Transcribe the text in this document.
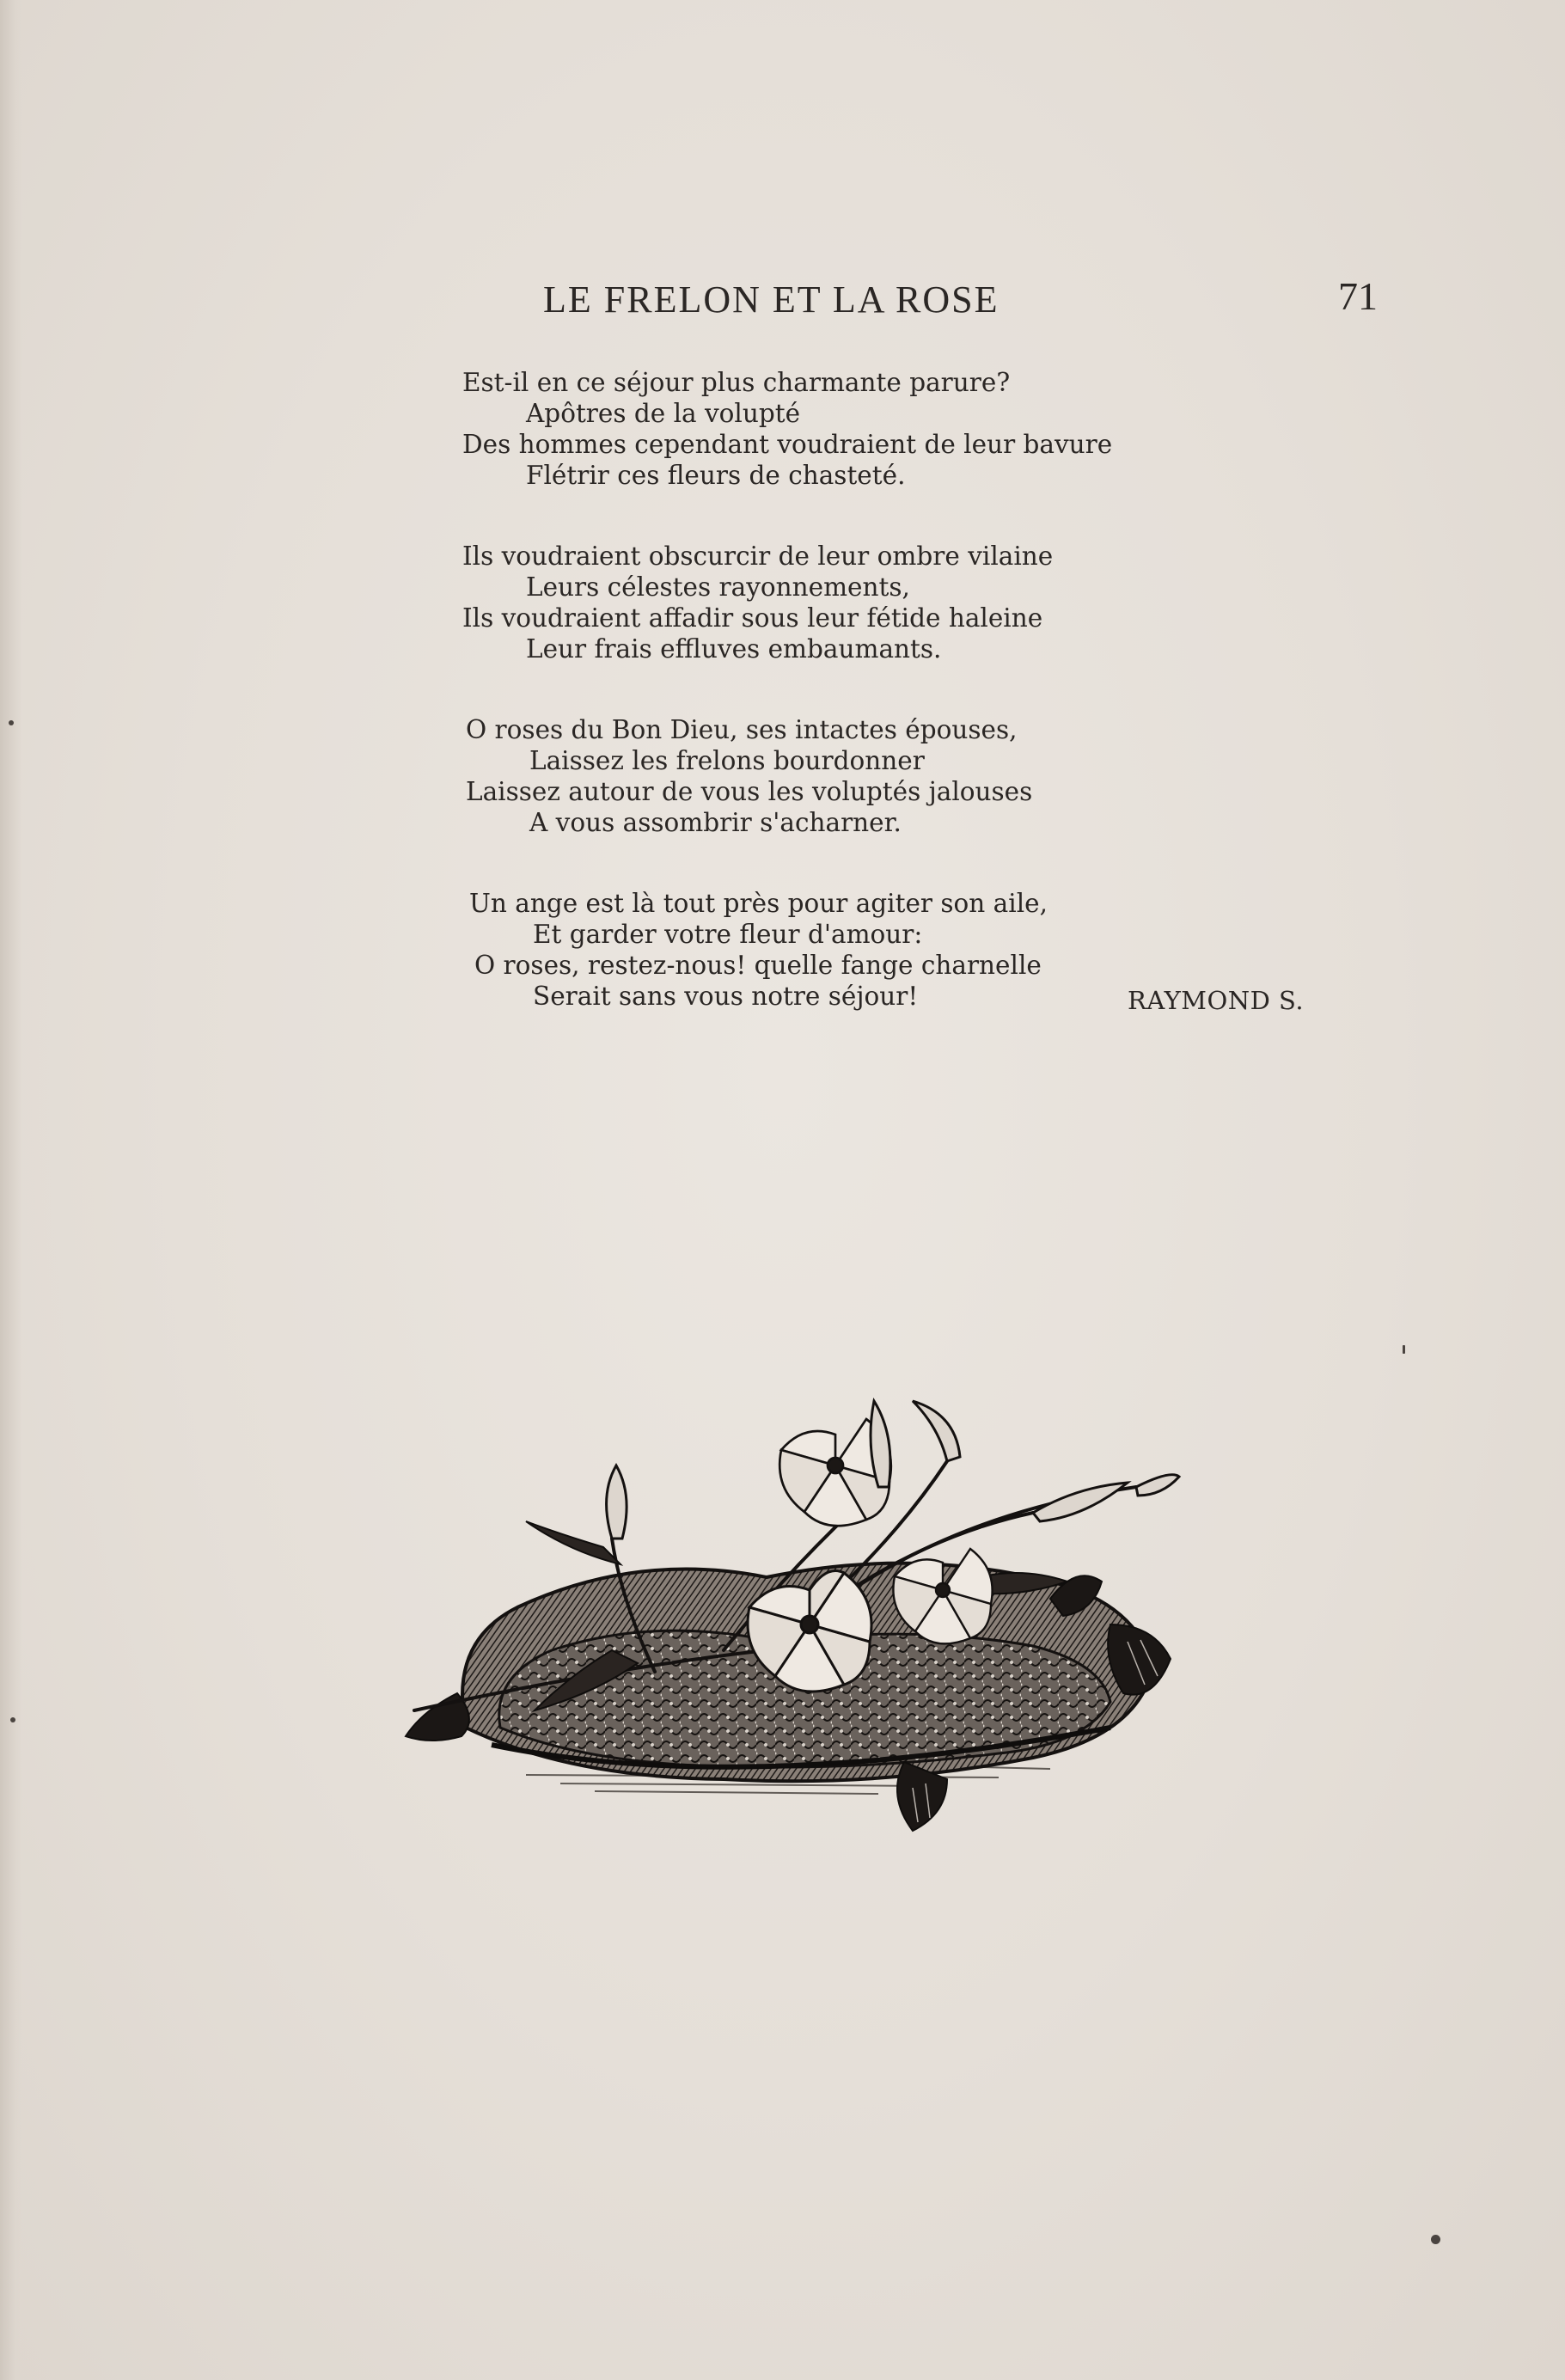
LE FRELON ET LA ROSE	71
Est-il en ce séjour plus charmante parure?
Apôtres de la volupté
Des hommes cependant voudraient de leur bavure
Flétrir ces fleurs de chasteté.
Ils voudraient obscurcir de leur ombre vilaine
Leurs célestes rayonnements,
Ils voudraient affadir sous leur fétide haleine
Leur frais effluves embaumants.
O roses du Bon Dieu, ses intactes épouses,
Laissez les frelons bourdonner
Laissez autour de vous les voluptés jalouses
A vous assombrir s'acharner.
Un ange est là tout près pour agiter son aile,
Et garder votre fleur d'amour:
O roses, restez-nous! quelle fange charnelle
Serait sans vous notre séjour!	RAYMOND S.
